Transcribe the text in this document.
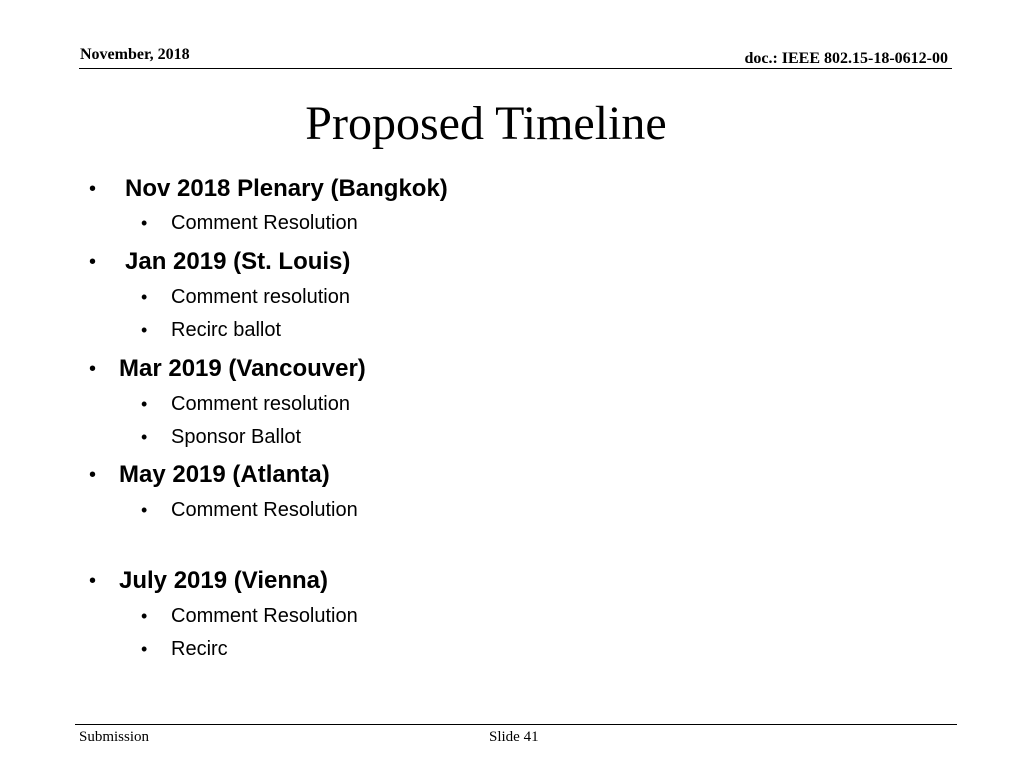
November, 2018	doc.: IEEE 802.15-18-0612-00
Proposed Timeline
• Nov 2018 Plenary (Bangkok)
• Comment Resolution
• Jan 2019 (St. Louis)
• Comment resolution
• Recirc ballot
• Mar 2019 (Vancouver)
• Comment resolution
• Sponsor Ballot
• May 2019 (Atlanta)
• Comment Resolution
• July 2019 (Vienna)
• Comment Resolution
• Recirc
Submission	Slide 41
